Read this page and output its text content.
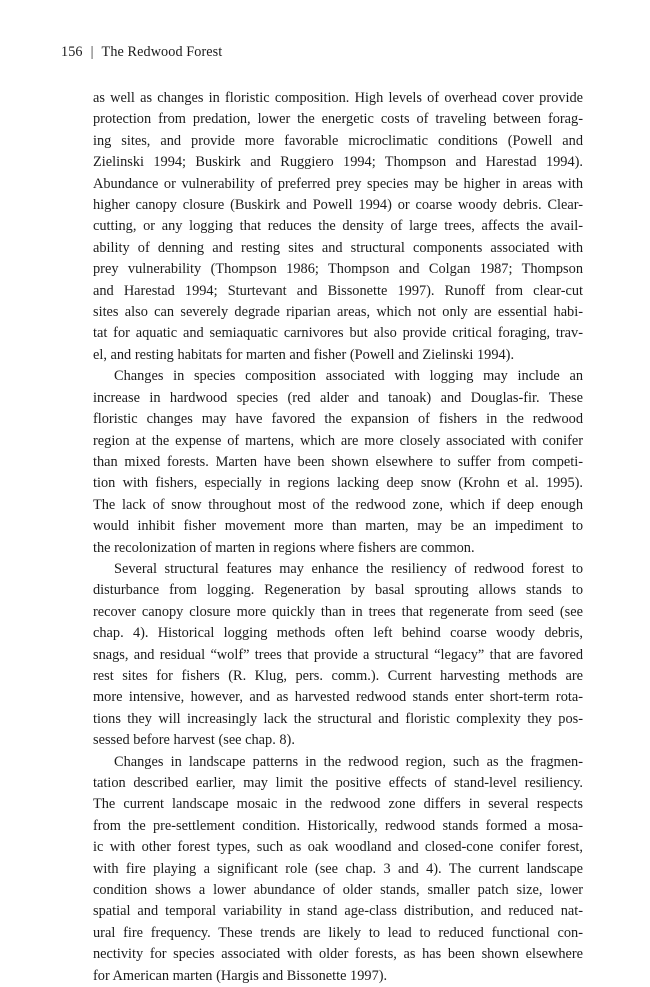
156 | The Redwood Forest
as well as changes in floristic composition. High levels of overhead cover provide
protection from predation, lower the energetic costs of traveling between forag-
ing sites, and provide more favorable microclimatic conditions (Powell and
Zielinski 1994; Buskirk and Ruggiero 1994; Thompson and Harestad 1994).
Abundance or vulnerability of preferred prey species may be higher in areas with
higher canopy closure (Buskirk and Powell 1994) or coarse woody debris. Clear-
cutting, or any logging that reduces the density of large trees, affects the avail-
ability of denning and resting sites and structural components associated with
prey vulnerability (Thompson 1986; Thompson and Colgan 1987; Thompson
and Harestad 1994; Sturtevant and Bissonette 1997). Runoff from clear-cut
sites also can severely degrade riparian areas, which not only are essential habi-
tat for aquatic and semiaquatic carnivores but also provide critical foraging, trav-
el, and resting habitats for marten and fisher (Powell and Zielinski 1994).
Changes in species composition associated with logging may include an
increase in hardwood species (red alder and tanoak) and Douglas-fir. These
floristic changes may have favored the expansion of fishers in the redwood
region at the expense of martens, which are more closely associated with conifer
than mixed forests. Marten have been shown elsewhere to suffer from competi-
tion with fishers, especially in regions lacking deep snow (Krohn et al. 1995).
The lack of snow throughout most of the redwood zone, which if deep enough
would inhibit fisher movement more than marten, may be an impediment to
the recolonization of marten in regions where fishers are common.
Several structural features may enhance the resiliency of redwood forest to
disturbance from logging. Regeneration by basal sprouting allows stands to
recover canopy closure more quickly than in trees that regenerate from seed (see
chap. 4). Historical logging methods often left behind coarse woody debris,
snags, and residual “wolf” trees that provide a structural “legacy” that are favored
rest sites for fishers (R. Klug, pers. comm.). Current harvesting methods are
more intensive, however, and as harvested redwood stands enter short-term rota-
tions they will increasingly lack the structural and floristic complexity they pos-
sessed before harvest (see chap. 8).
Changes in landscape patterns in the redwood region, such as the fragmen-
tation described earlier, may limit the positive effects of stand-level resiliency.
The current landscape mosaic in the redwood zone differs in several respects
from the pre-settlement condition. Historically, redwood stands formed a mosa-
ic with other forest types, such as oak woodland and closed-cone conifer forest,
with fire playing a significant role (see chap. 3 and 4). The current landscape
condition shows a lower abundance of older stands, smaller patch size, lower
spatial and temporal variability in stand age-class distribution, and reduced nat-
ural fire frequency. These trends are likely to lead to reduced functional con-
nectivity for species associated with older forests, as has been shown elsewhere
for American marten (Hargis and Bissonette 1997).
